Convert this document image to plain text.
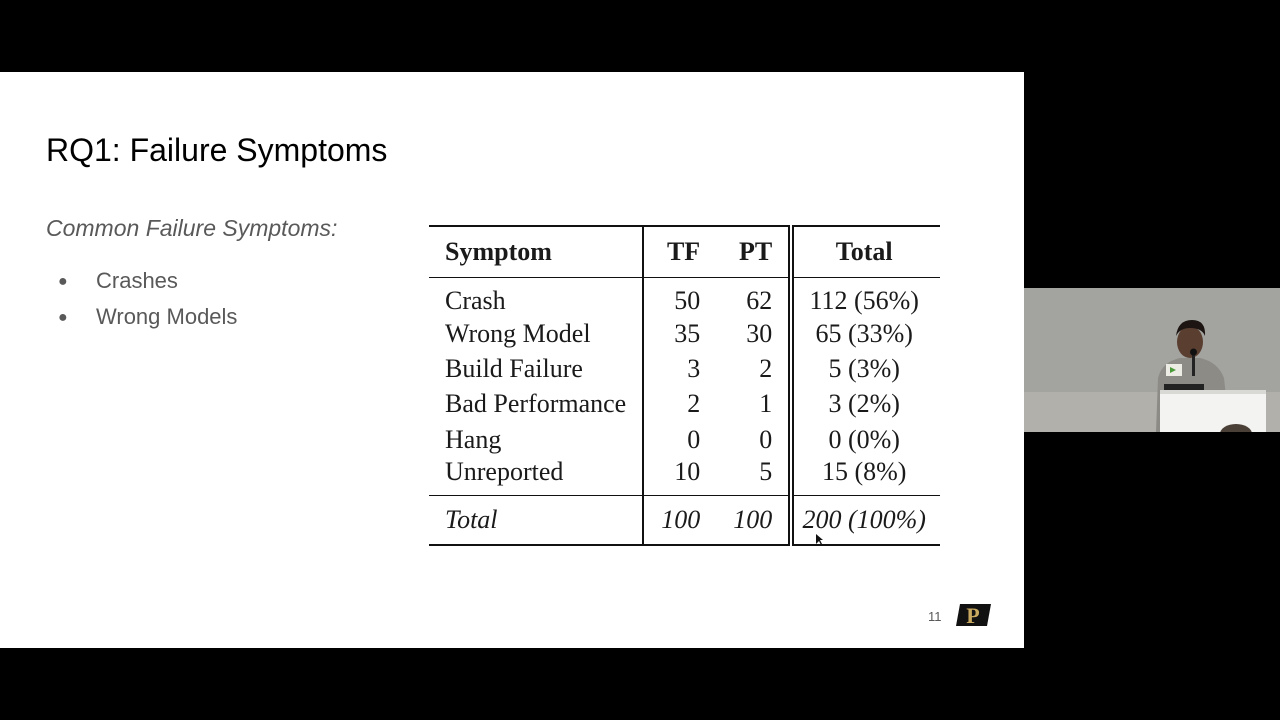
RQ1: Failure Symptoms
Common Failure Symptoms:
● Crashes
● Wrong Models
Symptom	TF	PT	Total
Crash	50	62	112 (56%)
Wrong Model	35	30	65 (33%)
Build Failure	3	2	5 (3%)
Bad Performance	2	1	3 (2%)
Hang	0	0	0 (0%)
Unreported	10	5	15 (8%)
Total	100	100	200 (100%)
11 P
